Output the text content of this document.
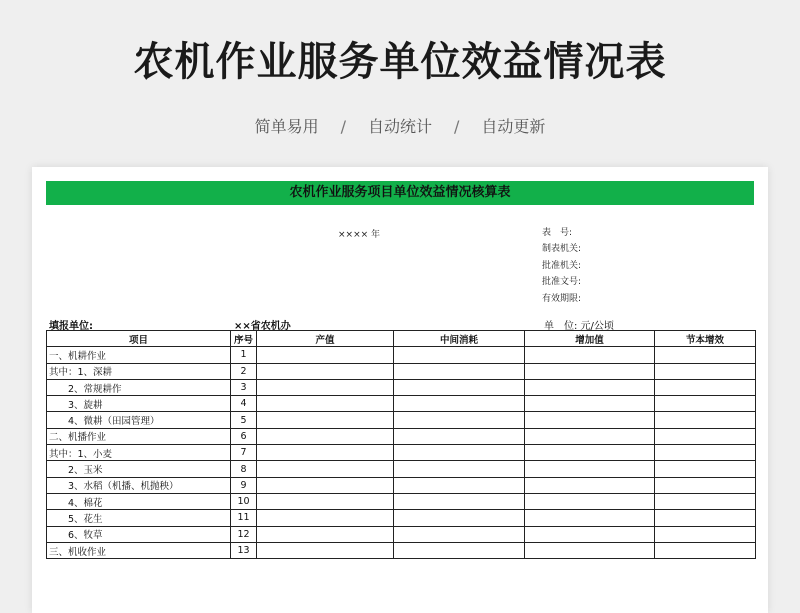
农机作业服务单位效益情况表
简单易用 / 自动统计 / 自动更新
农机作业服务项目单位效益情况核算表
×××× 年	表　号:
制表机关:
批准机关:
批准文号:
有效期限:
填报单位:	××省农机办	单　位: 元/公顷
项目	序号	产值	中间消耗	增加值	节本增效
一、机耕作业	1				
其中：1、深耕	2				
　　2、常规耕作	3				
　　3、旋耕	4				
　　4、微耕（田园管理）	5				
二、机播作业	6				
其中：1、小麦	7				
　　2、玉米	8				
　　3、水稻（机播、机抛秧）	9				
　　4、棉花	10				
　　5、花生	11				
　　6、牧草	12				
三、机收作业	13				
